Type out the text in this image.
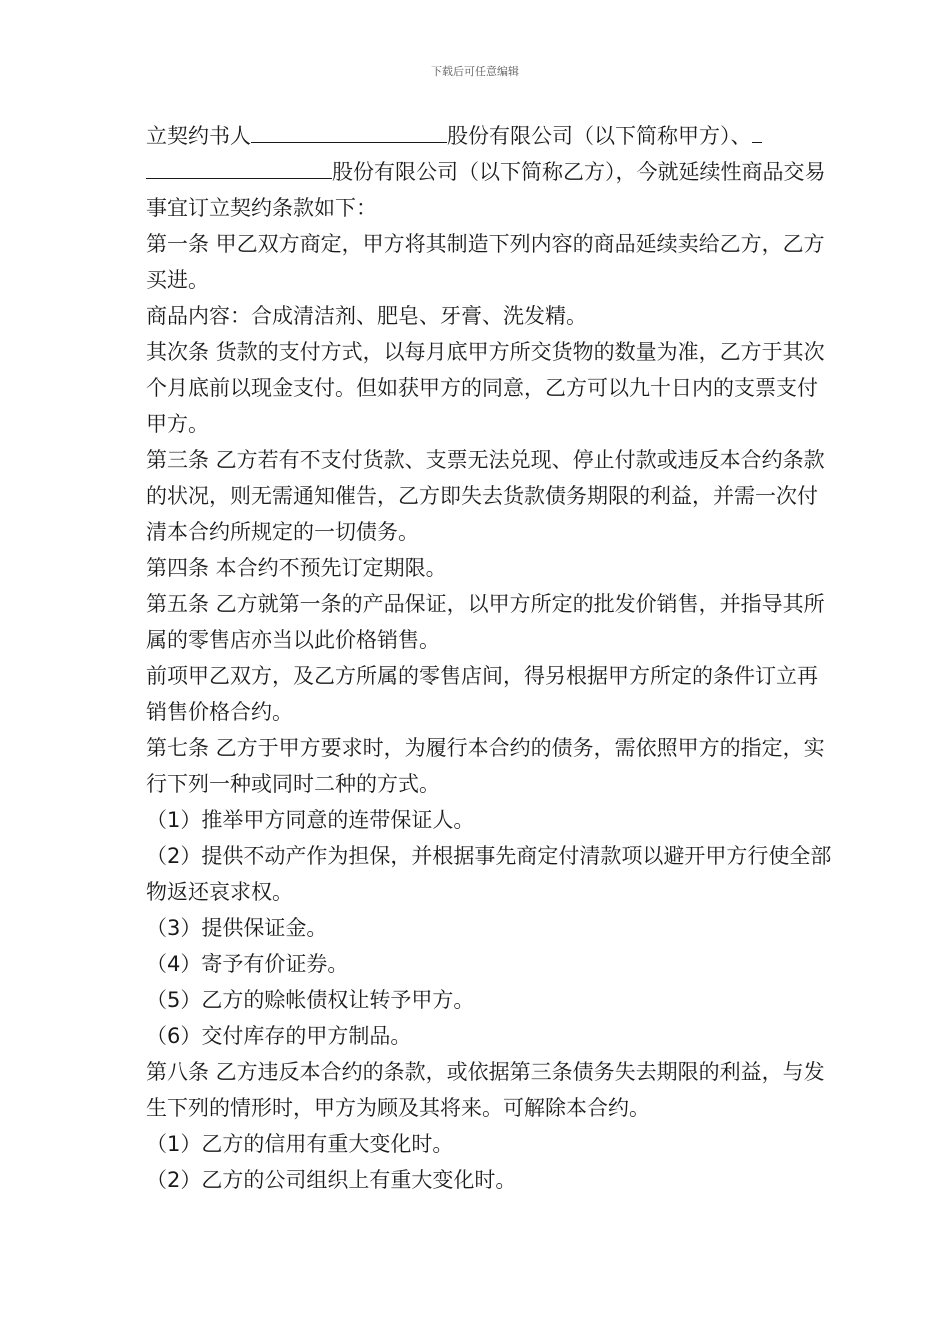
下载后可任意编辑

立契约书人	股份有限公司（以下简称甲方）、股份有限公司（以下简称乙方），今就延续性商品交易事宜订立契约条款如下：

第一条 甲乙双方商定，甲方将其制造下列内容的商品延续卖给乙方，乙方买进。

商品内容：合成清洁剂、肥皂、牙膏、洗发精。

其次条 货款的支付方式，以每月底甲方所交货物的数量为准，乙方于其次个月底前以现金支付。但如获甲方的同意，乙方可以九十日内的支票支付甲方。

第三条 乙方若有不支付货款、支票无法兑现、停止付款或违反本合约条款的状况，则无需通知催告，乙方即失去货款债务期限的利益，并需一次付清本合约所规定的一切债务。

第四条 本合约不预先订定期限。

第五条 乙方就第一条的产品保证，以甲方所定的批发价销售，并指导其所属的零售店亦当以此价格销售。

前项甲乙双方，及乙方所属的零售店间，得另根据甲方所定的条件订立再销售价格合约。

第七条 乙方于甲方要求时，为履行本合约的债务，需依照甲方的指定，实行下列一种或同时二种的方式。

（1）推举甲方同意的连带保证人。

（2）提供不动产作为担保，并根据事先商定付清款项以避开甲方行使全部物返还哀求权。

（3）提供保证金。

（4）寄予有价证券。

（5）乙方的赊帐债权让转予甲方。

（6）交付库存的甲方制品。

第八条 乙方违反本合约的条款，或依据第三条债务失去期限的利益，与发生下列的情形时，甲方为顾及其将来。可解除本合约。

（1）乙方的信用有重大变化时。

（2）乙方的公司组织上有重大变化时。
